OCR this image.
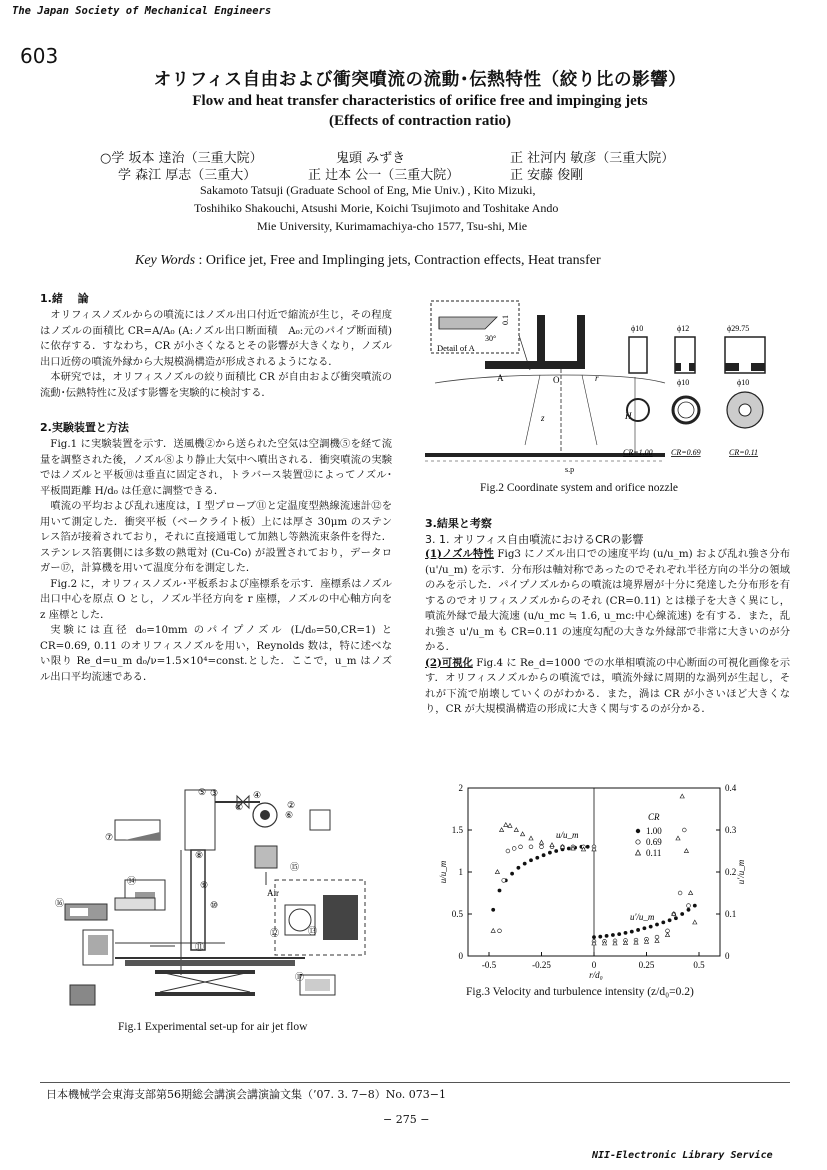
The Japan Society of Mechanical Engineers
603
オリフィス自由および衝突噴流の流動･伝熱特性（絞り比の影響）
Flow and heat transfer characteristics of orifice free and impinging jets
(Effects of contraction ratio)
○学 坂本 達治（三重大院）	鬼頭 みずき	正 社河内 敏彦（三重大院）
学 森江 厚志（三重大）	正 辻本 公一（三重大院）	正 安藤 俊剛
Sakamoto Tatsuji (Graduate School of Eng, Mie Univ.) , Kito Mizuki,
Toshihiko Shakouchi, Atsushi Morie, Koichi Tsujimoto and Toshitake Ando
Mie University, Kurimamachiya-cho 1577, Tsu-shi, Mie
Key Words : Orifice jet, Free and Implinging jets, Contraction effects, Heat transfer

1.緒　 論

オリフィスノズルからの噴流にはノズル出口付近で縮流が生じ，その程度はノズルの面積比 CR=A/A₀ (A:ノズル出口断面積　A₀:元のパイプ断面積) に依存する．すなわち，CR が小さくなるとその影響が大きくなり，ノズル出口近傍の噴流外縁から大規模渦構造が形成されるようになる．

本研究では，オリフィスノズルの絞り面積比 CR が自由および衝突噴流の流動･伝熱特性に及ぼす影響を実験的に検討する．

2.実験装置と方法

Fig.1 に実験装置を示す．送風機②から送られた空気は空調機⑤を経て流量を調整された後，ノズル⑧より静止大気中へ噴出される．衝突噴流の実験ではノズルと平板⑩は垂直に固定され，トラバース装置⑫によってノズル･平板間距離 H/d₀ は任意に調整できる．

噴流の平均および乱れ速度は，I 型プローブ⑪と定温度型熱線流速計⑫を用いて測定した．衝突平板（ベークライト板）上には厚さ 30μm のステンレス箔が接着されており，それに直接通電して加熱し等熱流束条件を得た．ステンレス箔裏側には多数の熱電対 (Cu-Co) が設置されており，データロガー⑰，計算機を用いて温度分布を測定した．

Fig.2 に，オリフィスノズル･平板系および座標系を示す．座標系はノズル出口中心を原点 O とし，ノズル半径方向を r 座標，ノズルの中心軸方向を z 座標とした．

実験には直径 d₀=10mm のパイプノズル (L/d₀=50,CR=1) と CR=0.69, 0.11 のオリフィスノズルを用い，Reynolds 数は，特に述べない限り Re_d=u_m d₀/ν=1.5×10⁴=const.とした．ここで，u_m はノズル出口平均流速である．

30°
0.1
Detail of A
A	O	r
z	H
s.p
ϕ10	ϕ12	ϕ29.75
ϕ10	ϕ10
CR=1.00 CR=0.69	CR=0.11
Fig.2 Coordinate system and orifice nozzle

3.結果と考察

3. 1. オリフィス自由噴流におけるCRの影響

(1)ノズル特性 Fig3 にノズル出口での速度平均 (u/u_m) および乱れ強さ分布 (u'/u_m) を示す．分布形は軸対称であったのでそれぞれ半径方向の半分の領域のみを示した．パイプノズルからの噴流は境界層が十分に発達した分布形を有するのでオリフィスノズルからのそれ (CR=0.11) とは様子を大きく異にし，噴流外縁で最大流速 (u/u_mc ≒ 1.6, u_mc:中心線流速) を有する．また，乱れ強さ u'/u_m も CR=0.11 の速度勾配の大きな外縁部で非常に大きいのが分かる．

(2)可視化 Fig.4 に Re_d=1000 での水単相噴流の中心断面の可視化画像を示す．オリフィスノズルからの噴流では，噴流外縁に周期的な渦列が生起し，それが下流で崩壊していくのがわかる．また，渦は CR が小さいほど大きくなり，CR が大規模渦構造の形成に大きく関与するのが分かる．

Air
②
③	④
⑤
⑥
⑦
⑧
⑨
⑩
⑪
⑫	⑬
⑭
⑮
⑯
⑰
①
Fig.1 Experimental set-up for air jet flow
-0.5	-0.25	0	0.25	0.5
0
0.5
1
1.5
2
0
0.1
0.2
0.3
0.4
r/d₀
u/u_m	u'/u_m
CR
1.00
0.69
0.11
u/u_m
u'/u_m
Fig.3 Velocity and turbulence intensity (z/d₀=0.2)
日本機械学会東海支部第56期総会講演会講演論文集（’07. 3. 7−8）No. 073−1
− 275 −
NII-Electronic Library Service
